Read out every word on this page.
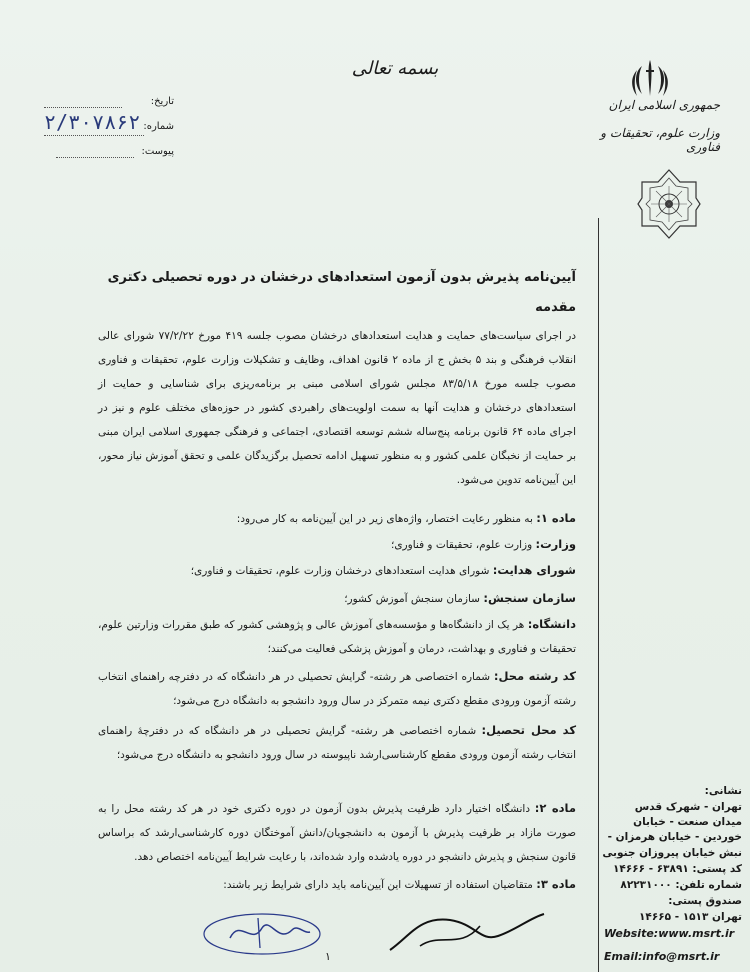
بسمه تعالی
جمهوری اسلامی ایران
وزارت علوم، تحقیقات و فناوری
تاریخ:
شماره:
۲/۳۰۷۸۶۲
پیوست:
آیین‌نامه پذیرش بدون آزمون استعدادهای درخشان در دوره تحصیلی دکتری
مقدمه
در اجرای سیاست‌های حمایت و هدایت استعدادهای درخشان مصوب جلسه ۴۱۹ مورخ ۷۷/۲/۲۲ شورای عالی انقلاب فرهنگی و بند ۵ بخش ج از ماده ۲ قانون اهداف، وظایف و تشکیلات وزارت علوم، تحقیقات و فناوری مصوب جلسه مورخ ۸۳/۵/۱۸ مجلس شورای اسلامی مبنی بر برنامه‌ریزی برای شناسایی و حمایت از استعدادهای درخشان و هدایت آنها به سمت اولویت‌های راهبردی کشور در حوزه‌های مختلف علوم و نیز در اجرای ماده ۶۴ قانون برنامه پنج‌ساله ششم توسعه اقتصادی، اجتماعی و فرهنگی جمهوری اسلامی ایران مبنی بر حمایت از نخبگان علمی کشور و به منظور تسهیل ادامه تحصیل برگزیدگان علمی و تحقق آموزش نیاز محور، این آیین‌نامه تدوین می‌شود.
ماده ۱: به منظور رعایت اختصار، واژه‌های زیر در این آیین‌نامه به کار می‌رود:
وزارت: وزارت علوم، تحقیقات و فناوری؛
شورای هدایت: شورای هدایت استعدادهای درخشان وزارت علوم، تحقیقات و فناوری؛
سازمان سنجش: سازمان سنجش آموزش کشور؛
دانشگاه: هر یک از دانشگاه‌ها و مؤسسه‌های آموزش عالی و پژوهشی کشور که طبق مقررات وزارتین علوم، تحقیقات و فناوری و بهداشت، درمان و آموزش پزشکی فعالیت می‌کنند؛
کد رشته محل: شماره اختصاصی هر رشته- گرایش تحصیلی در هر دانشگاه که در دفترچه راهنمای انتخاب رشته آزمون ورودی مقطع دکتری نیمه متمرکز در سال ورود دانشجو به دانشگاه درج می‌شود؛
کد محل تحصیل: شماره اختصاصی هر رشته- گرایش تحصیلی در هر دانشگاه که در دفترچهٔ راهنمای انتخاب رشته آزمون ورودی مقطع کارشناسی‌ارشد ناپیوسته در سال ورود دانشجو به دانشگاه درج می‌شود؛
ماده ۲: دانشگاه اختیار دارد ظرفیت پذیرش بدون آزمون در دوره دکتری خود در هر کد رشته محل را به صورت مازاد بر ظرفیت پذیرش با آزمون به دانشجویان/دانش آموختگان دوره کارشناسی‌ارشد که براساس قانون سنجش و پذیرش دانشجو در دوره یادشده وارد شده‌اند، با رعایت شرایط آیین‌نامه اختصاص دهد.
ماده ۳: متقاضیان استفاده از تسهیلات این آیین‌نامه باید دارای شرایط زیر باشند:
۱
نشانی:
تهران - شهرک قدس
میدان صنعت - خیابان
خوردین - خیابان هرمزان -
نبش خیابان پیروزان جنوبی
کد پستی: ۶۳۸۹۱ - ۱۴۶۶۶
شماره تلفن: ۸۲۲۳۱۰۰۰
صندوق پستی:
تهران ۱۵۱۳ - ۱۴۶۶۵
Website:www.msrt.ir
Email:info@msrt.ir
